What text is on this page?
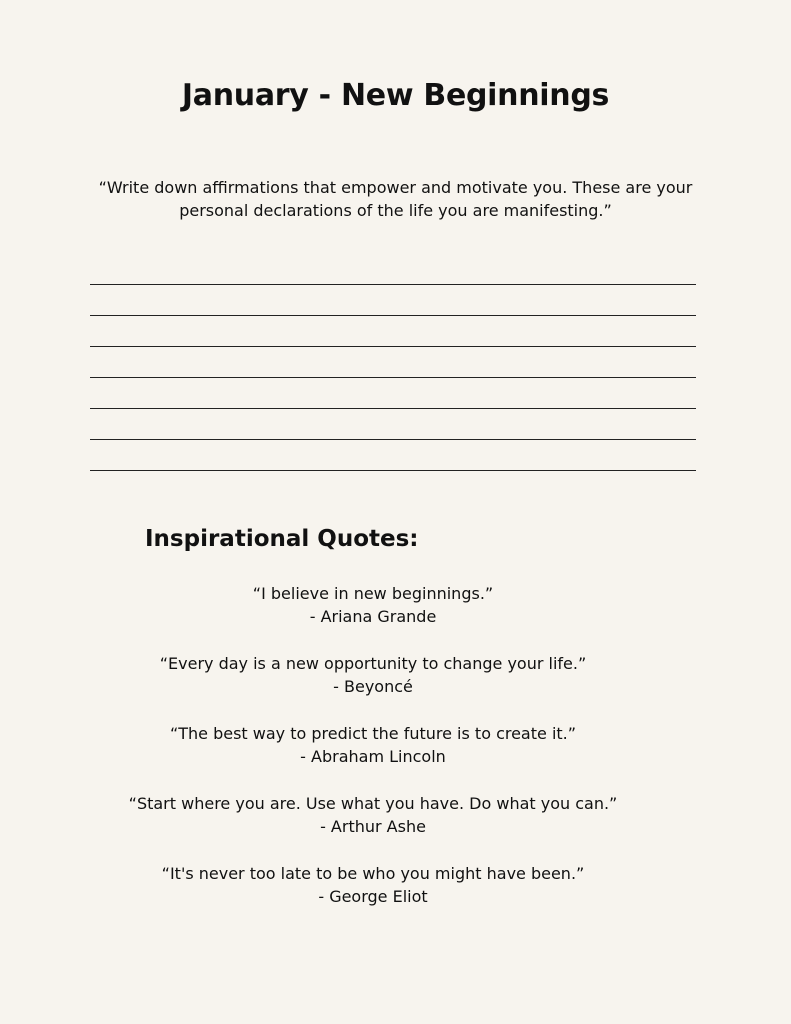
January - New Beginnings

“Write down affirmations that empower and motivate you. These are your personal declarations of the life you are manifesting.”

Inspirational Quotes:
“I believe in new beginnings.”
- Ariana Grande
“Every day is a new opportunity to change your life.”
- Beyoncé
“The best way to predict the future is to create it.”
- Abraham Lincoln
“Start where you are. Use what you have. Do what you can.”
- Arthur Ashe
“It's never too late to be who you might have been.”
- George Eliot
